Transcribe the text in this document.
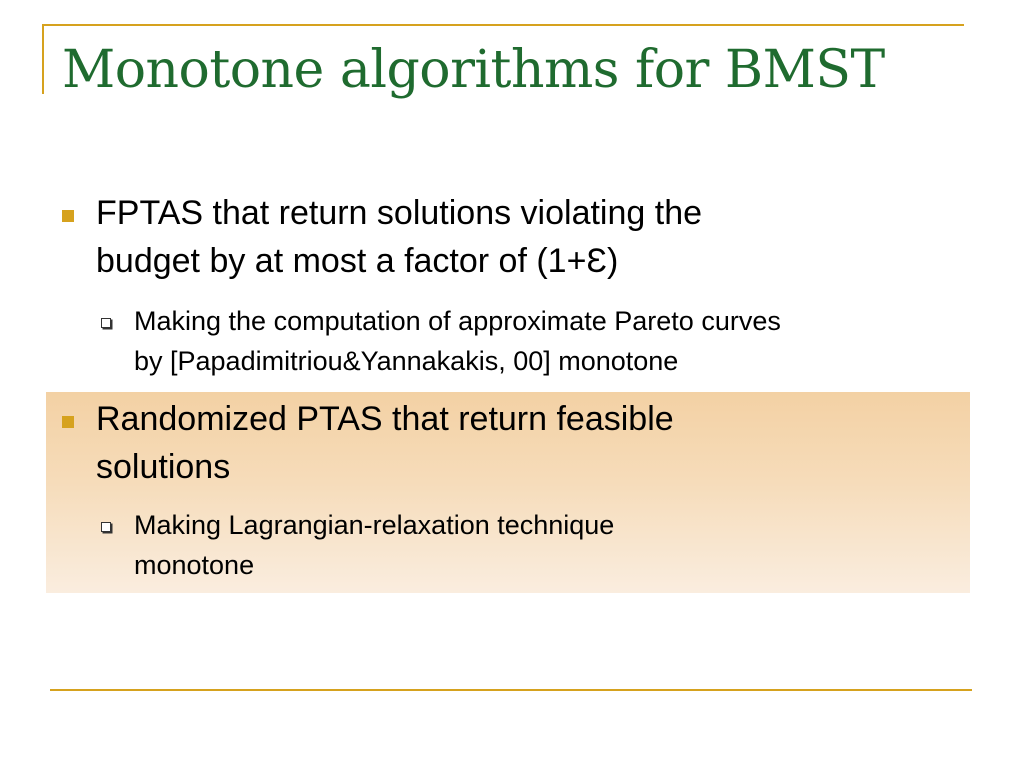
Monotone algorithms for BMST
FPTAS that return solutions violating the
budget by at most a factor of (1+Ɛ)
Making the computation of approximate Pareto curves
by [Papadimitriou&Yannakakis, 00] monotone
Randomized PTAS that return feasible
solutions
Making Lagrangian-relaxation technique
monotone
